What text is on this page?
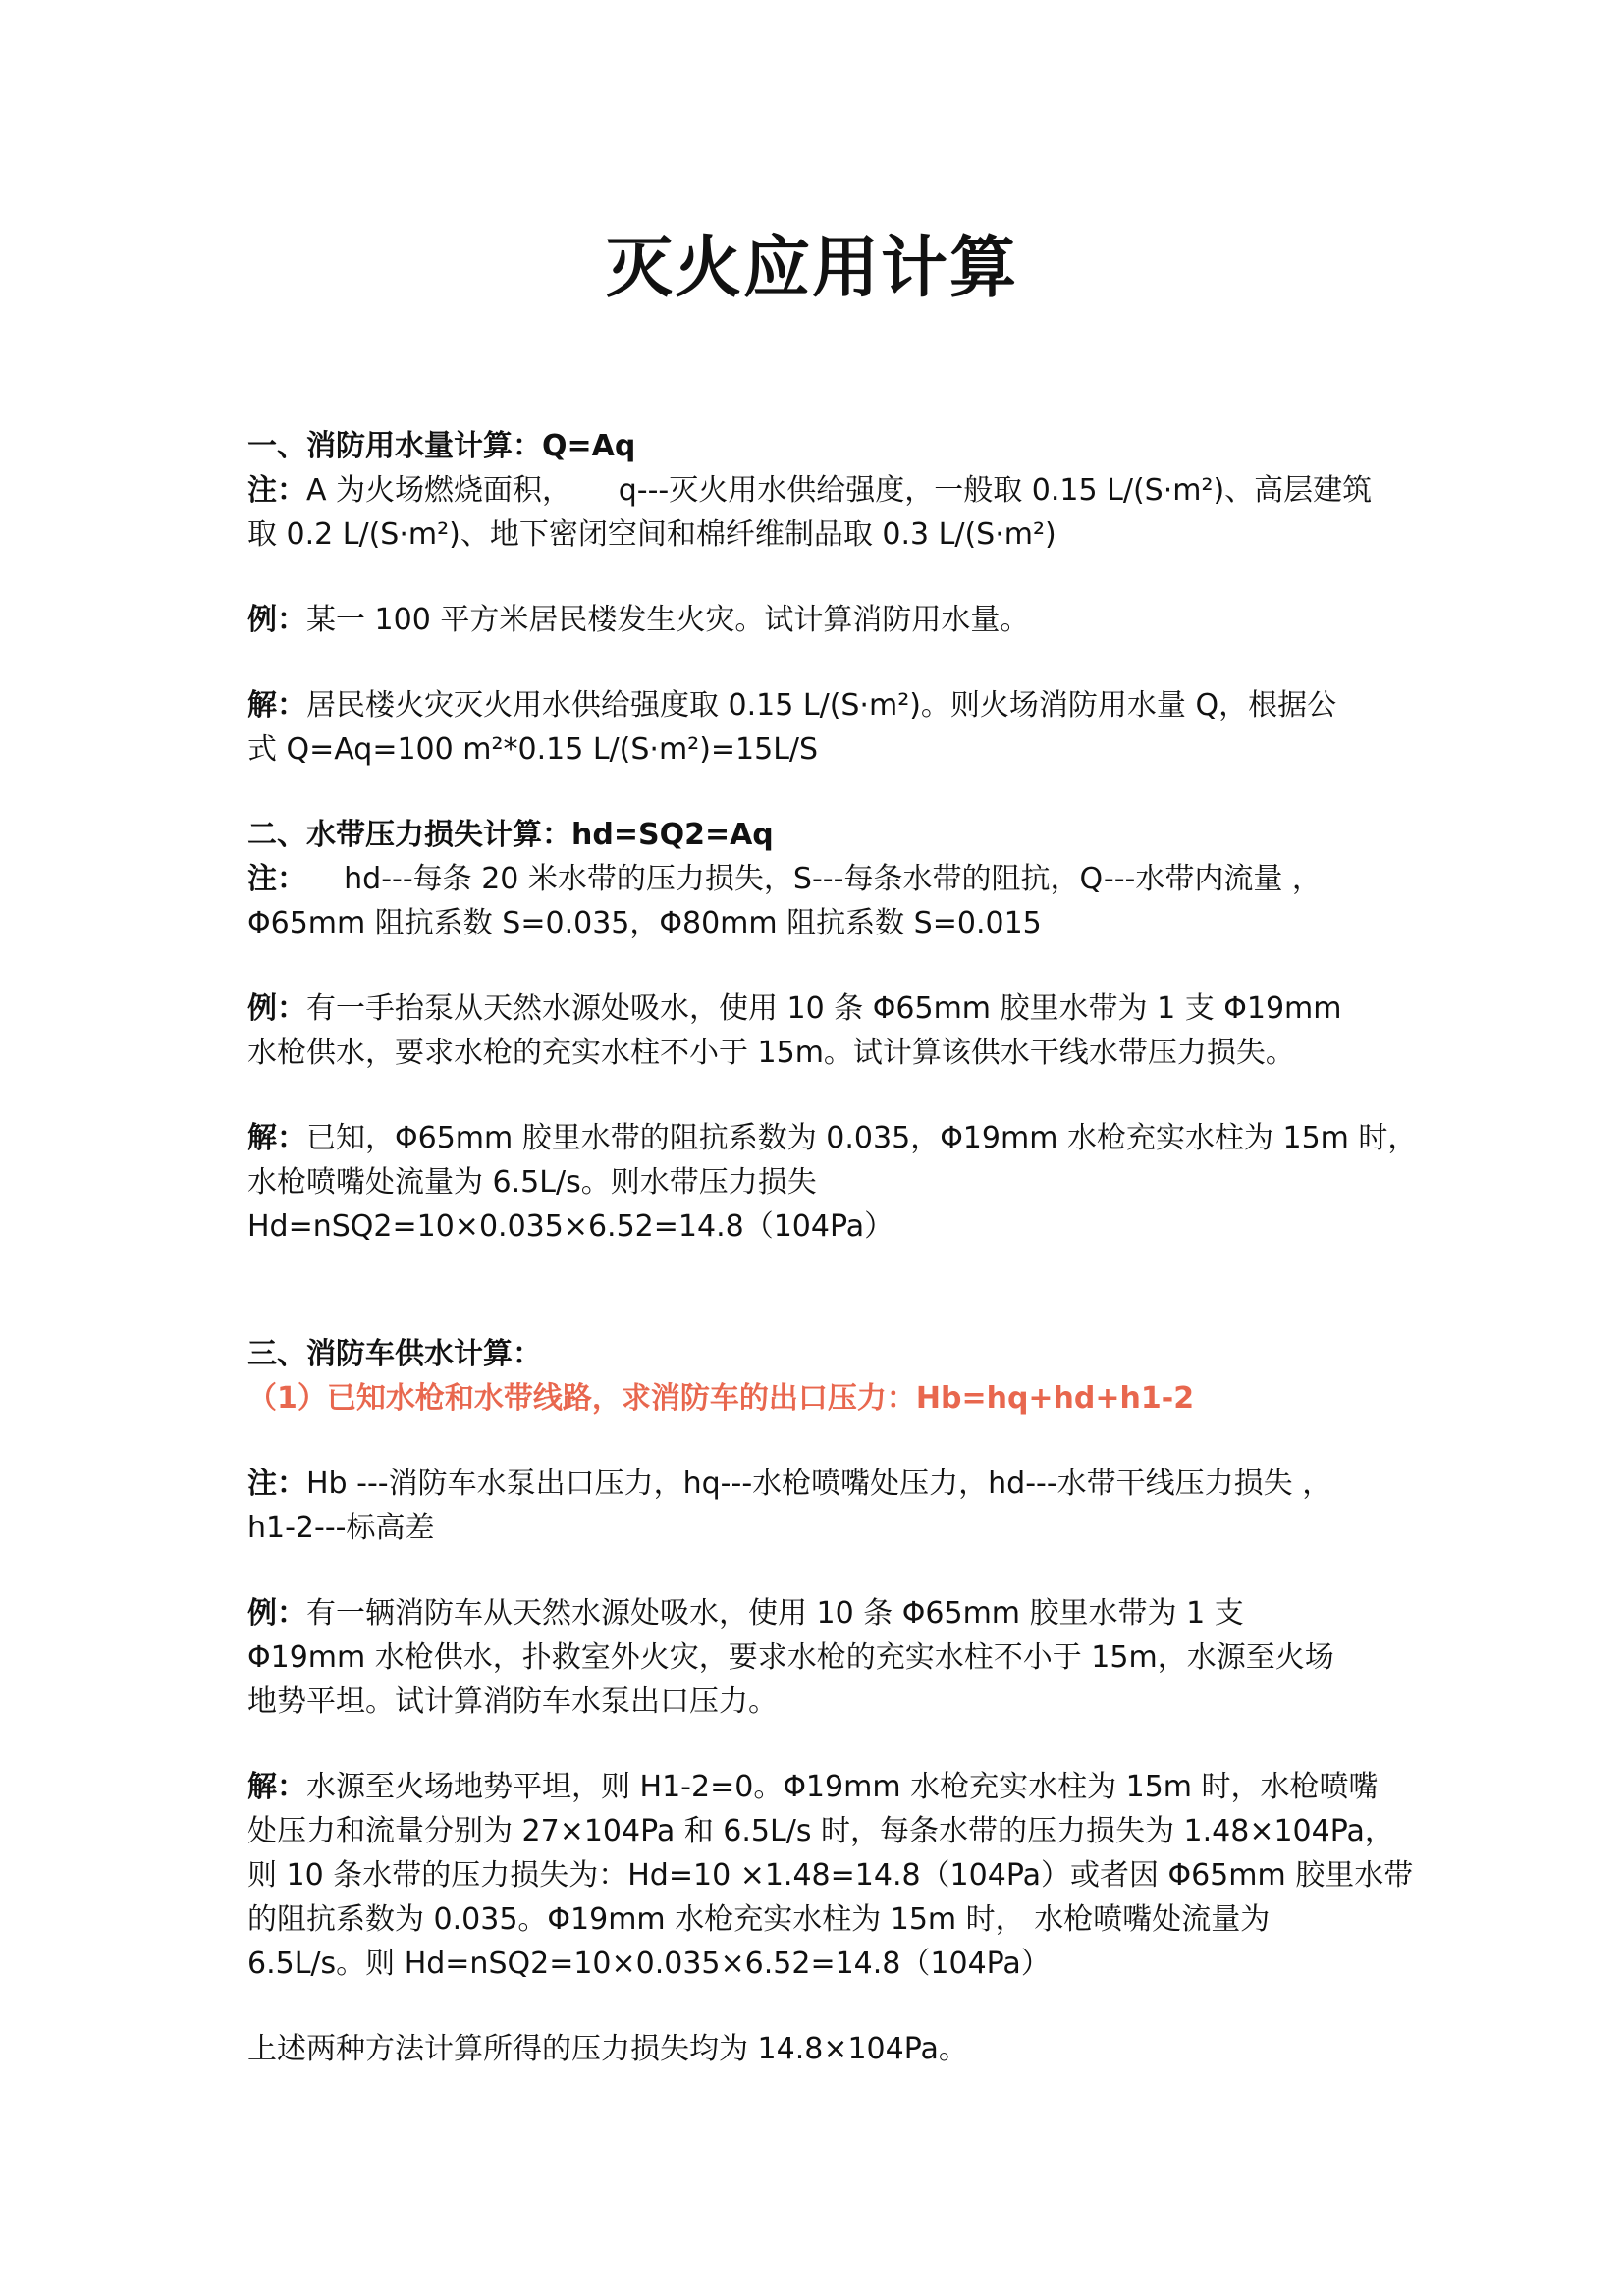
灭火应用计算
一、消防用水量计算：Q=Aq
注：A 为火场燃烧面积，     q---灭火用水供给强度，一般取 0.15 L/(S·m²)、高层建筑
取 0.2 L/(S·m²)、地下密闭空间和棉纤维制品取 0.3 L/(S·m²)
例：某一 100 平方米居民楼发生火灾。试计算消防用水量。
解：居民楼火灾灭火用水供给强度取 0.15 L/(S·m²)。则火场消防用水量 Q，根据公
式 Q=Aq=100 m²*0.15 L/(S·m²)=15L/S
二、水带压力损失计算：hd=SQ2=Aq
注：    hd---每条 20 米水带的压力损失，S---每条水带的阻抗，Q---水带内流量 ，
Φ65mm 阻抗系数 S=0.035，Φ80mm 阻抗系数 S=0.015
例：有一手抬泵从天然水源处吸水，使用 10 条 Φ65mm 胶里水带为 1 支 Φ19mm
水枪供水，要求水枪的充实水柱不小于 15m。试计算该供水干线水带压力损失。
解：已知，Φ65mm 胶里水带的阻抗系数为 0.035，Φ19mm 水枪充实水柱为 15m 时，
水枪喷嘴处流量为 6.5L/s。则水带压力损失
Hd=nSQ2=10×0.035×6.52=14.8（104Pa）
三、消防车供水计算：
（1）已知水枪和水带线路，求消防车的出口压力：Hb=hq+hd+h1-2
注：Hb ---消防车水泵出口压力，hq---水枪喷嘴处压力，hd---水带干线压力损失 ，
h1-2---标高差
例：有一辆消防车从天然水源处吸水，使用 10 条 Φ65mm 胶里水带为 1 支
Φ19mm 水枪供水，扑救室外火灾，要求水枪的充实水柱不小于 15m，水源至火场
地势平坦。试计算消防车水泵出口压力。
解：水源至火场地势平坦，则 H1-2=0。Φ19mm 水枪充实水柱为 15m 时，水枪喷嘴
处压力和流量分别为 27×104Pa 和 6.5L/s 时，每条水带的压力损失为 1.48×104Pa，
则 10 条水带的压力损失为：Hd=10 ×1.48=14.8（104Pa）或者因 Φ65mm 胶里水带
的阻抗系数为 0.035。Φ19mm 水枪充实水柱为 15m 时， 水枪喷嘴处流量为
6.5L/s。则 Hd=nSQ2=10×0.035×6.52=14.8（104Pa）
上述两种方法计算所得的压力损失均为 14.8×104Pa。
